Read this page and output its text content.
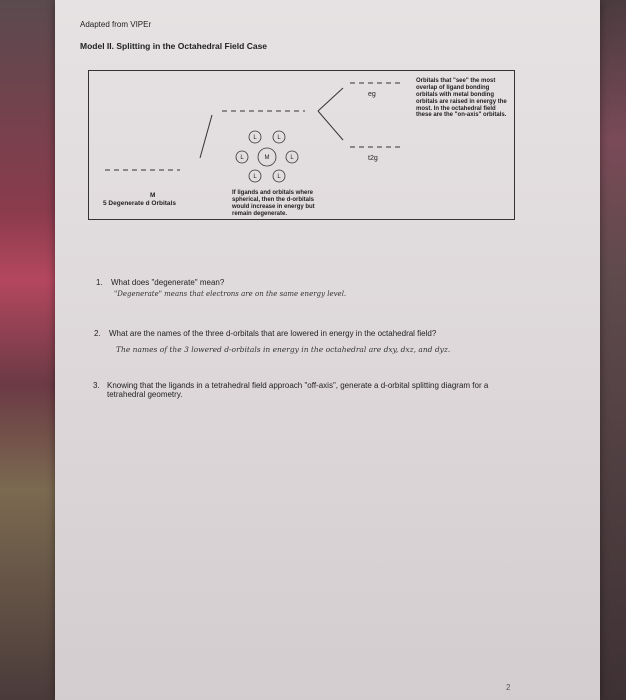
Adapted from VIPEr
Model II. Splitting in the Octahedral Field Case
L	L
L	M	L
L	L
eg
t2g
M
5 Degenerate d Orbitals
If ligands and orbitals where spherical, then the d-orbitals would increase in energy but remain degenerate.
Orbitals that "see" the most overlap of ligand bonding orbitals with metal bonding orbitals are raised in energy the most. In the octahedral field these are the "on-axis" orbitals.
1. What does "degenerate" mean?
"Degenerate" means that electrons are on the same energy level.
2. What are the names of the three d-orbitals that are lowered in energy in the octahedral field?
The names of the 3 lowered d-orbitals in energy in the octahedral are dxy, dxz, and dyz.
3. Knowing that the ligands in a tetrahedral field approach "off-axis", generate a d-orbital splitting diagram for a tetrahedral geometry.
2
